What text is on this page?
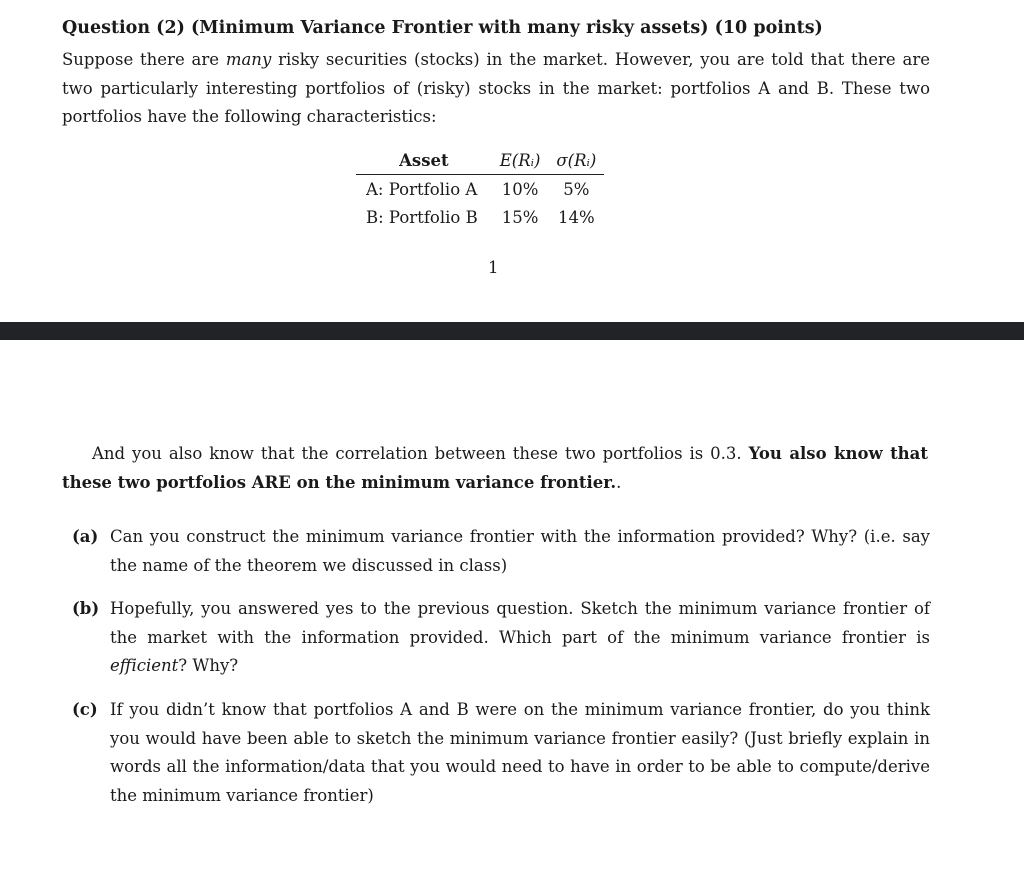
Question (2) (Minimum Variance Frontier with many risky assets) (10 points)
Suppose there are many risky securities (stocks) in the market. However, you are told that there are two particularly interesting portfolios of (risky) stocks in the market: portfolios A and B. These two portfolios have the following characteristics:
Asset	E(Rᵢ)	σ(Rᵢ)
A: Portfolio A	10%	5%
B: Portfolio B	15%	14%
1
And you also know that the correlation between these two portfolios is 0.3. You also know that these two portfolios ARE on the minimum variance frontier..
(a) Can you construct the minimum variance frontier with the information provided? Why? (i.e. say the name of the theorem we discussed in class)
(b) Hopefully, you answered yes to the previous question. Sketch the minimum variance frontier of the market with the information provided. Which part of the minimum variance frontier is efficient? Why?
(c) If you didn’t know that portfolios A and B were on the minimum variance frontier, do you think you would have been able to sketch the minimum variance frontier easily? (Just briefly explain in words all the information/data that you would need to have in order to be able to compute/derive the minimum variance frontier)
